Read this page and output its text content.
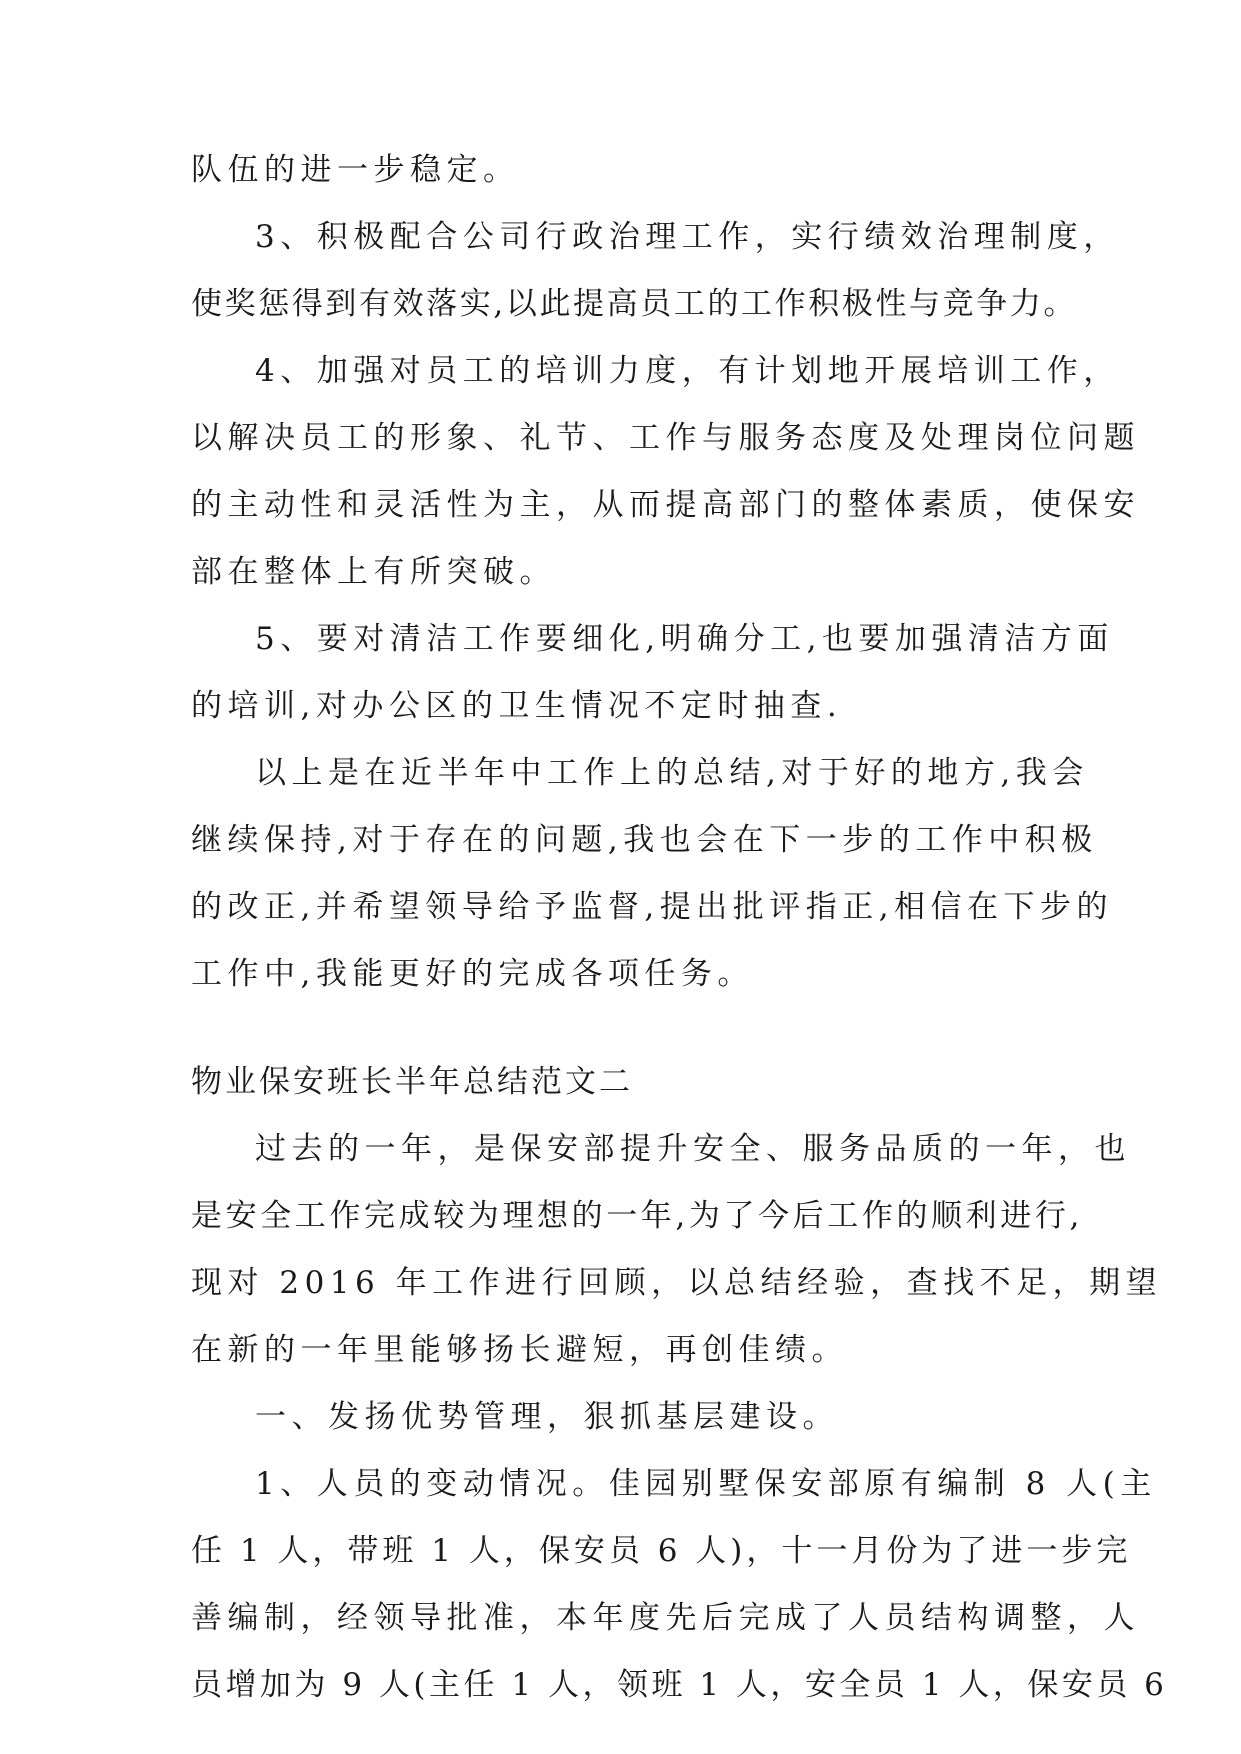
队伍的进一步稳定。
3、积极配合公司行政治理工作，实行绩效治理制度，
使奖惩得到有效落实,以此提高员工的工作积极性与竞争力。
4、加强对员工的培训力度，有计划地开展培训工作，
以解决员工的形象、礼节、工作与服务态度及处理岗位问题
的主动性和灵活性为主，从而提高部门的整体素质，使保安
部在整体上有所突破。
5、要对清洁工作要细化,明确分工,也要加强清洁方面
的培训,对办公区的卫生情况不定时抽查.
以上是在近半年中工作上的总结,对于好的地方,我会
继续保持,对于存在的问题,我也会在下一步的工作中积极
的改正,并希望领导给予监督,提出批评指正,相信在下步的
工作中,我能更好的完成各项任务。
物业保安班长半年总结范文二
过去的一年，是保安部提升安全、服务品质的一年，也
是安全工作完成较为理想的一年,为了今后工作的顺利进行,
现对 2016 年工作进行回顾，以总结经验，查找不足，期望
在新的一年里能够扬长避短，再创佳绩。
一、发扬优势管理，狠抓基层建设。
1、人员的变动情况。佳园别墅保安部原有编制 8 人(主
任 1 人，带班 1 人，保安员 6 人)，十一月份为了进一步完
善编制，经领导批准，本年度先后完成了人员结构调整，人
员增加为 9 人(主任 1 人，领班 1 人，安全员 1 人，保安员 6
